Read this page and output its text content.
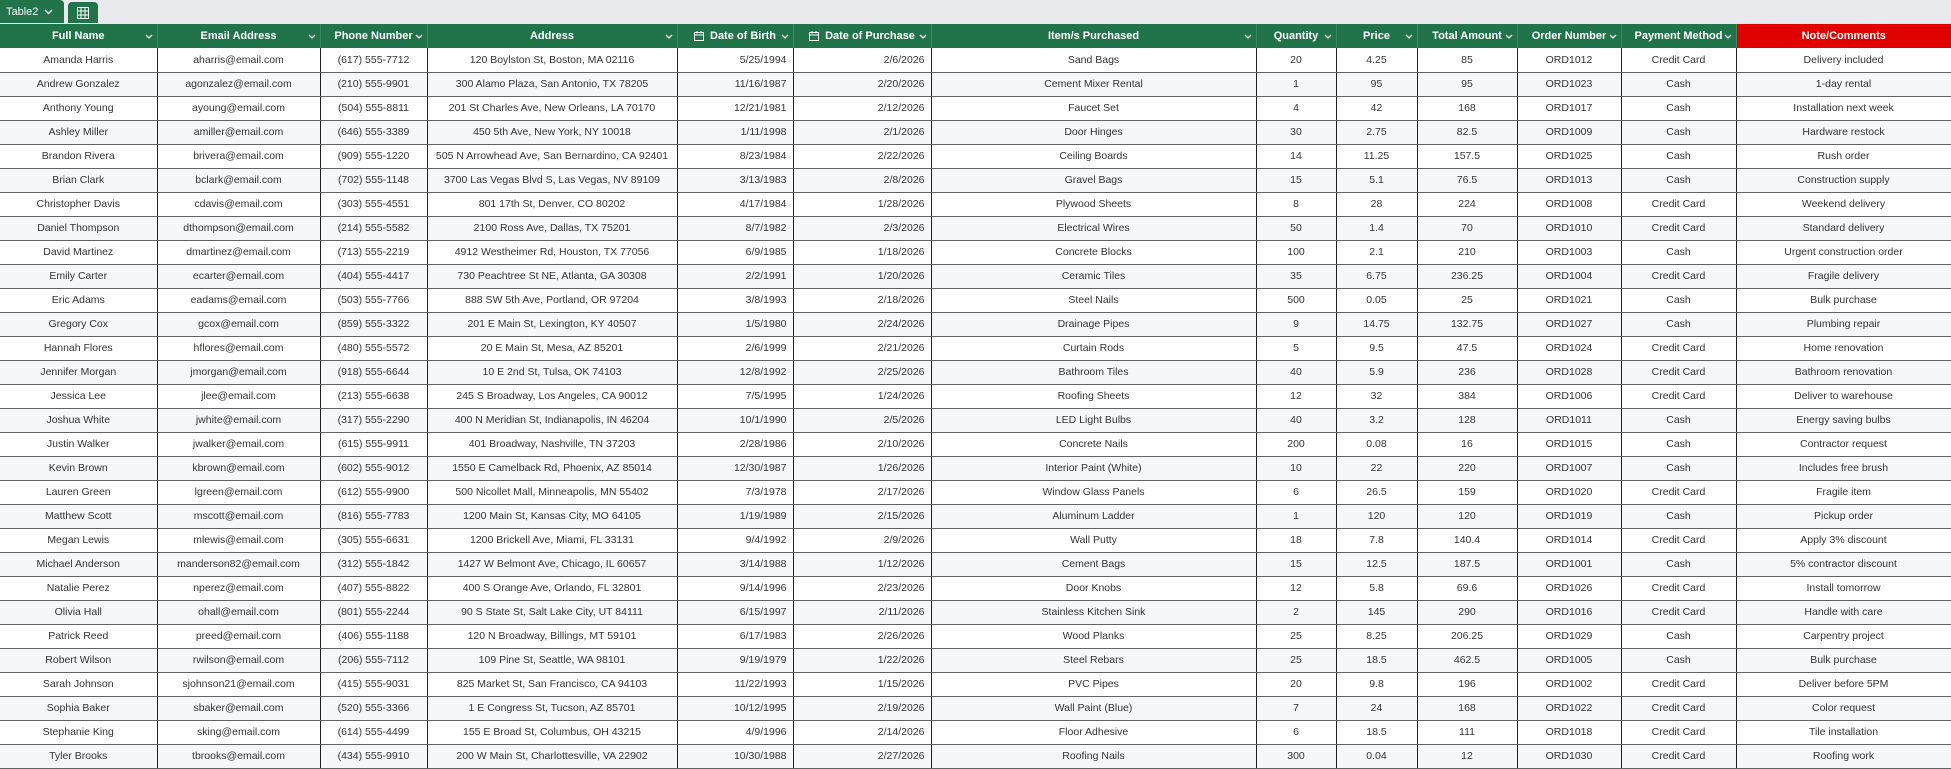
Table2
Full Name	Email Address	Phone Number	Address	Date of Birth	Date of Purchase	Item/s Purchased	Quantity	Price	Total Amount	Order Number	Payment Method	Note/Comments

Amanda Harris	aharris@email.com	(617) 555-7712	120 Boylston St, Boston, MA 02116	5/25/1994	2/6/2026	Sand Bags	20	4.25	85	ORD1012	Credit Card	Delivery included
Andrew Gonzalez	agonzalez@email.com	(210) 555-9901	300 Alamo Plaza, San Antonio, TX 78205	11/16/1987	2/20/2026	Cement Mixer Rental	1	95	95	ORD1023	Cash	1-day rental
Anthony Young	ayoung@email.com	(504) 555-8811	201 St Charles Ave, New Orleans, LA 70170	12/21/1981	2/12/2026	Faucet Set	4	42	168	ORD1017	Cash	Installation next week
Ashley Miller	amiller@email.com	(646) 555-3389	450 5th Ave, New York, NY 10018	1/11/1998	2/1/2026	Door Hinges	30	2.75	82.5	ORD1009	Cash	Hardware restock
Brandon Rivera	brivera@email.com	(909) 555-1220	505 N Arrowhead Ave, San Bernardino, CA 92401	8/23/1984	2/22/2026	Ceiling Boards	14	11.25	157.5	ORD1025	Cash	Rush order
Brian Clark	bclark@email.com	(702) 555-1148	3700 Las Vegas Blvd S, Las Vegas, NV 89109	3/13/1983	2/8/2026	Gravel Bags	15	5.1	76.5	ORD1013	Cash	Construction supply
Christopher Davis	cdavis@email.com	(303) 555-4551	801 17th St, Denver, CO 80202	4/17/1984	1/28/2026	Plywood Sheets	8	28	224	ORD1008	Credit Card	Weekend delivery
Daniel Thompson	dthompson@email.com	(214) 555-5582	2100 Ross Ave, Dallas, TX 75201	8/7/1982	2/3/2026	Electrical Wires	50	1.4	70	ORD1010	Credit Card	Standard delivery
David Martinez	dmartinez@email.com	(713) 555-2219	4912 Westheimer Rd, Houston, TX 77056	6/9/1985	1/18/2026	Concrete Blocks	100	2.1	210	ORD1003	Cash	Urgent construction order
Emily Carter	ecarter@email.com	(404) 555-4417	730 Peachtree St NE, Atlanta, GA 30308	2/2/1991	1/20/2026	Ceramic Tiles	35	6.75	236.25	ORD1004	Credit Card	Fragile delivery
Eric Adams	eadams@email.com	(503) 555-7766	888 SW 5th Ave, Portland, OR 97204	3/8/1993	2/18/2026	Steel Nails	500	0.05	25	ORD1021	Cash	Bulk purchase
Gregory Cox	gcox@email.com	(859) 555-3322	201 E Main St, Lexington, KY 40507	1/5/1980	2/24/2026	Drainage Pipes	9	14.75	132.75	ORD1027	Cash	Plumbing repair
Hannah Flores	hflores@email.com	(480) 555-5572	20 E Main St, Mesa, AZ 85201	2/6/1999	2/21/2026	Curtain Rods	5	9.5	47.5	ORD1024	Credit Card	Home renovation
Jennifer Morgan	jmorgan@email.com	(918) 555-6644	10 E 2nd St, Tulsa, OK 74103	12/8/1992	2/25/2026	Bathroom Tiles	40	5.9	236	ORD1028	Credit Card	Bathroom renovation
Jessica Lee	jlee@email.com	(213) 555-6638	245 S Broadway, Los Angeles, CA 90012	7/5/1995	1/24/2026	Roofing Sheets	12	32	384	ORD1006	Credit Card	Deliver to warehouse
Joshua White	jwhite@email.com	(317) 555-2290	400 N Meridian St, Indianapolis, IN 46204	10/1/1990	2/5/2026	LED Light Bulbs	40	3.2	128	ORD1011	Cash	Energy saving bulbs
Justin Walker	jwalker@email.com	(615) 555-9911	401 Broadway, Nashville, TN 37203	2/28/1986	2/10/2026	Concrete Nails	200	0.08	16	ORD1015	Cash	Contractor request
Kevin Brown	kbrown@email.com	(602) 555-9012	1550 E Camelback Rd, Phoenix, AZ 85014	12/30/1987	1/26/2026	Interior Paint (White)	10	22	220	ORD1007	Cash	Includes free brush
Lauren Green	lgreen@email.com	(612) 555-9900	500 Nicollet Mall, Minneapolis, MN 55402	7/3/1978	2/17/2026	Window Glass Panels	6	26.5	159	ORD1020	Credit Card	Fragile item
Matthew Scott	mscott@email.com	(816) 555-7783	1200 Main St, Kansas City, MO 64105	1/19/1989	2/15/2026	Aluminum Ladder	1	120	120	ORD1019	Cash	Pickup order
Megan Lewis	mlewis@email.com	(305) 555-6631	1200 Brickell Ave, Miami, FL 33131	9/4/1992	2/9/2026	Wall Putty	18	7.8	140.4	ORD1014	Credit Card	Apply 3% discount
Michael Anderson	manderson82@email.com	(312) 555-1842	1427 W Belmont Ave, Chicago, IL 60657	3/14/1988	1/12/2026	Cement Bags	15	12.5	187.5	ORD1001	Cash	5% contractor discount
Natalie Perez	nperez@email.com	(407) 555-8822	400 S Orange Ave, Orlando, FL 32801	9/14/1996	2/23/2026	Door Knobs	12	5.8	69.6	ORD1026	Credit Card	Install tomorrow
Olivia Hall	ohall@email.com	(801) 555-2244	90 S State St, Salt Lake City, UT 84111	6/15/1997	2/11/2026	Stainless Kitchen Sink	2	145	290	ORD1016	Credit Card	Handle with care
Patrick Reed	preed@email.com	(406) 555-1188	120 N Broadway, Billings, MT 59101	6/17/1983	2/26/2026	Wood Planks	25	8.25	206.25	ORD1029	Cash	Carpentry project
Robert Wilson	rwilson@email.com	(206) 555-7112	109 Pine St, Seattle, WA 98101	9/19/1979	1/22/2026	Steel Rebars	25	18.5	462.5	ORD1005	Cash	Bulk purchase
Sarah Johnson	sjohnson21@email.com	(415) 555-9031	825 Market St, San Francisco, CA 94103	11/22/1993	1/15/2026	PVC Pipes	20	9.8	196	ORD1002	Credit Card	Deliver before 5PM
Sophia Baker	sbaker@email.com	(520) 555-3366	1 E Congress St, Tucson, AZ 85701	10/12/1995	2/19/2026	Wall Paint (Blue)	7	24	168	ORD1022	Credit Card	Color request
Stephanie King	sking@email.com	(614) 555-4499	155 E Broad St, Columbus, OH 43215	4/9/1996	2/14/2026	Floor Adhesive	6	18.5	111	ORD1018	Credit Card	Tile installation
Tyler Brooks	tbrooks@email.com	(434) 555-9910	200 W Main St, Charlottesville, VA 22902	10/30/1988	2/27/2026	Roofing Nails	300	0.04	12	ORD1030	Credit Card	Roofing work
